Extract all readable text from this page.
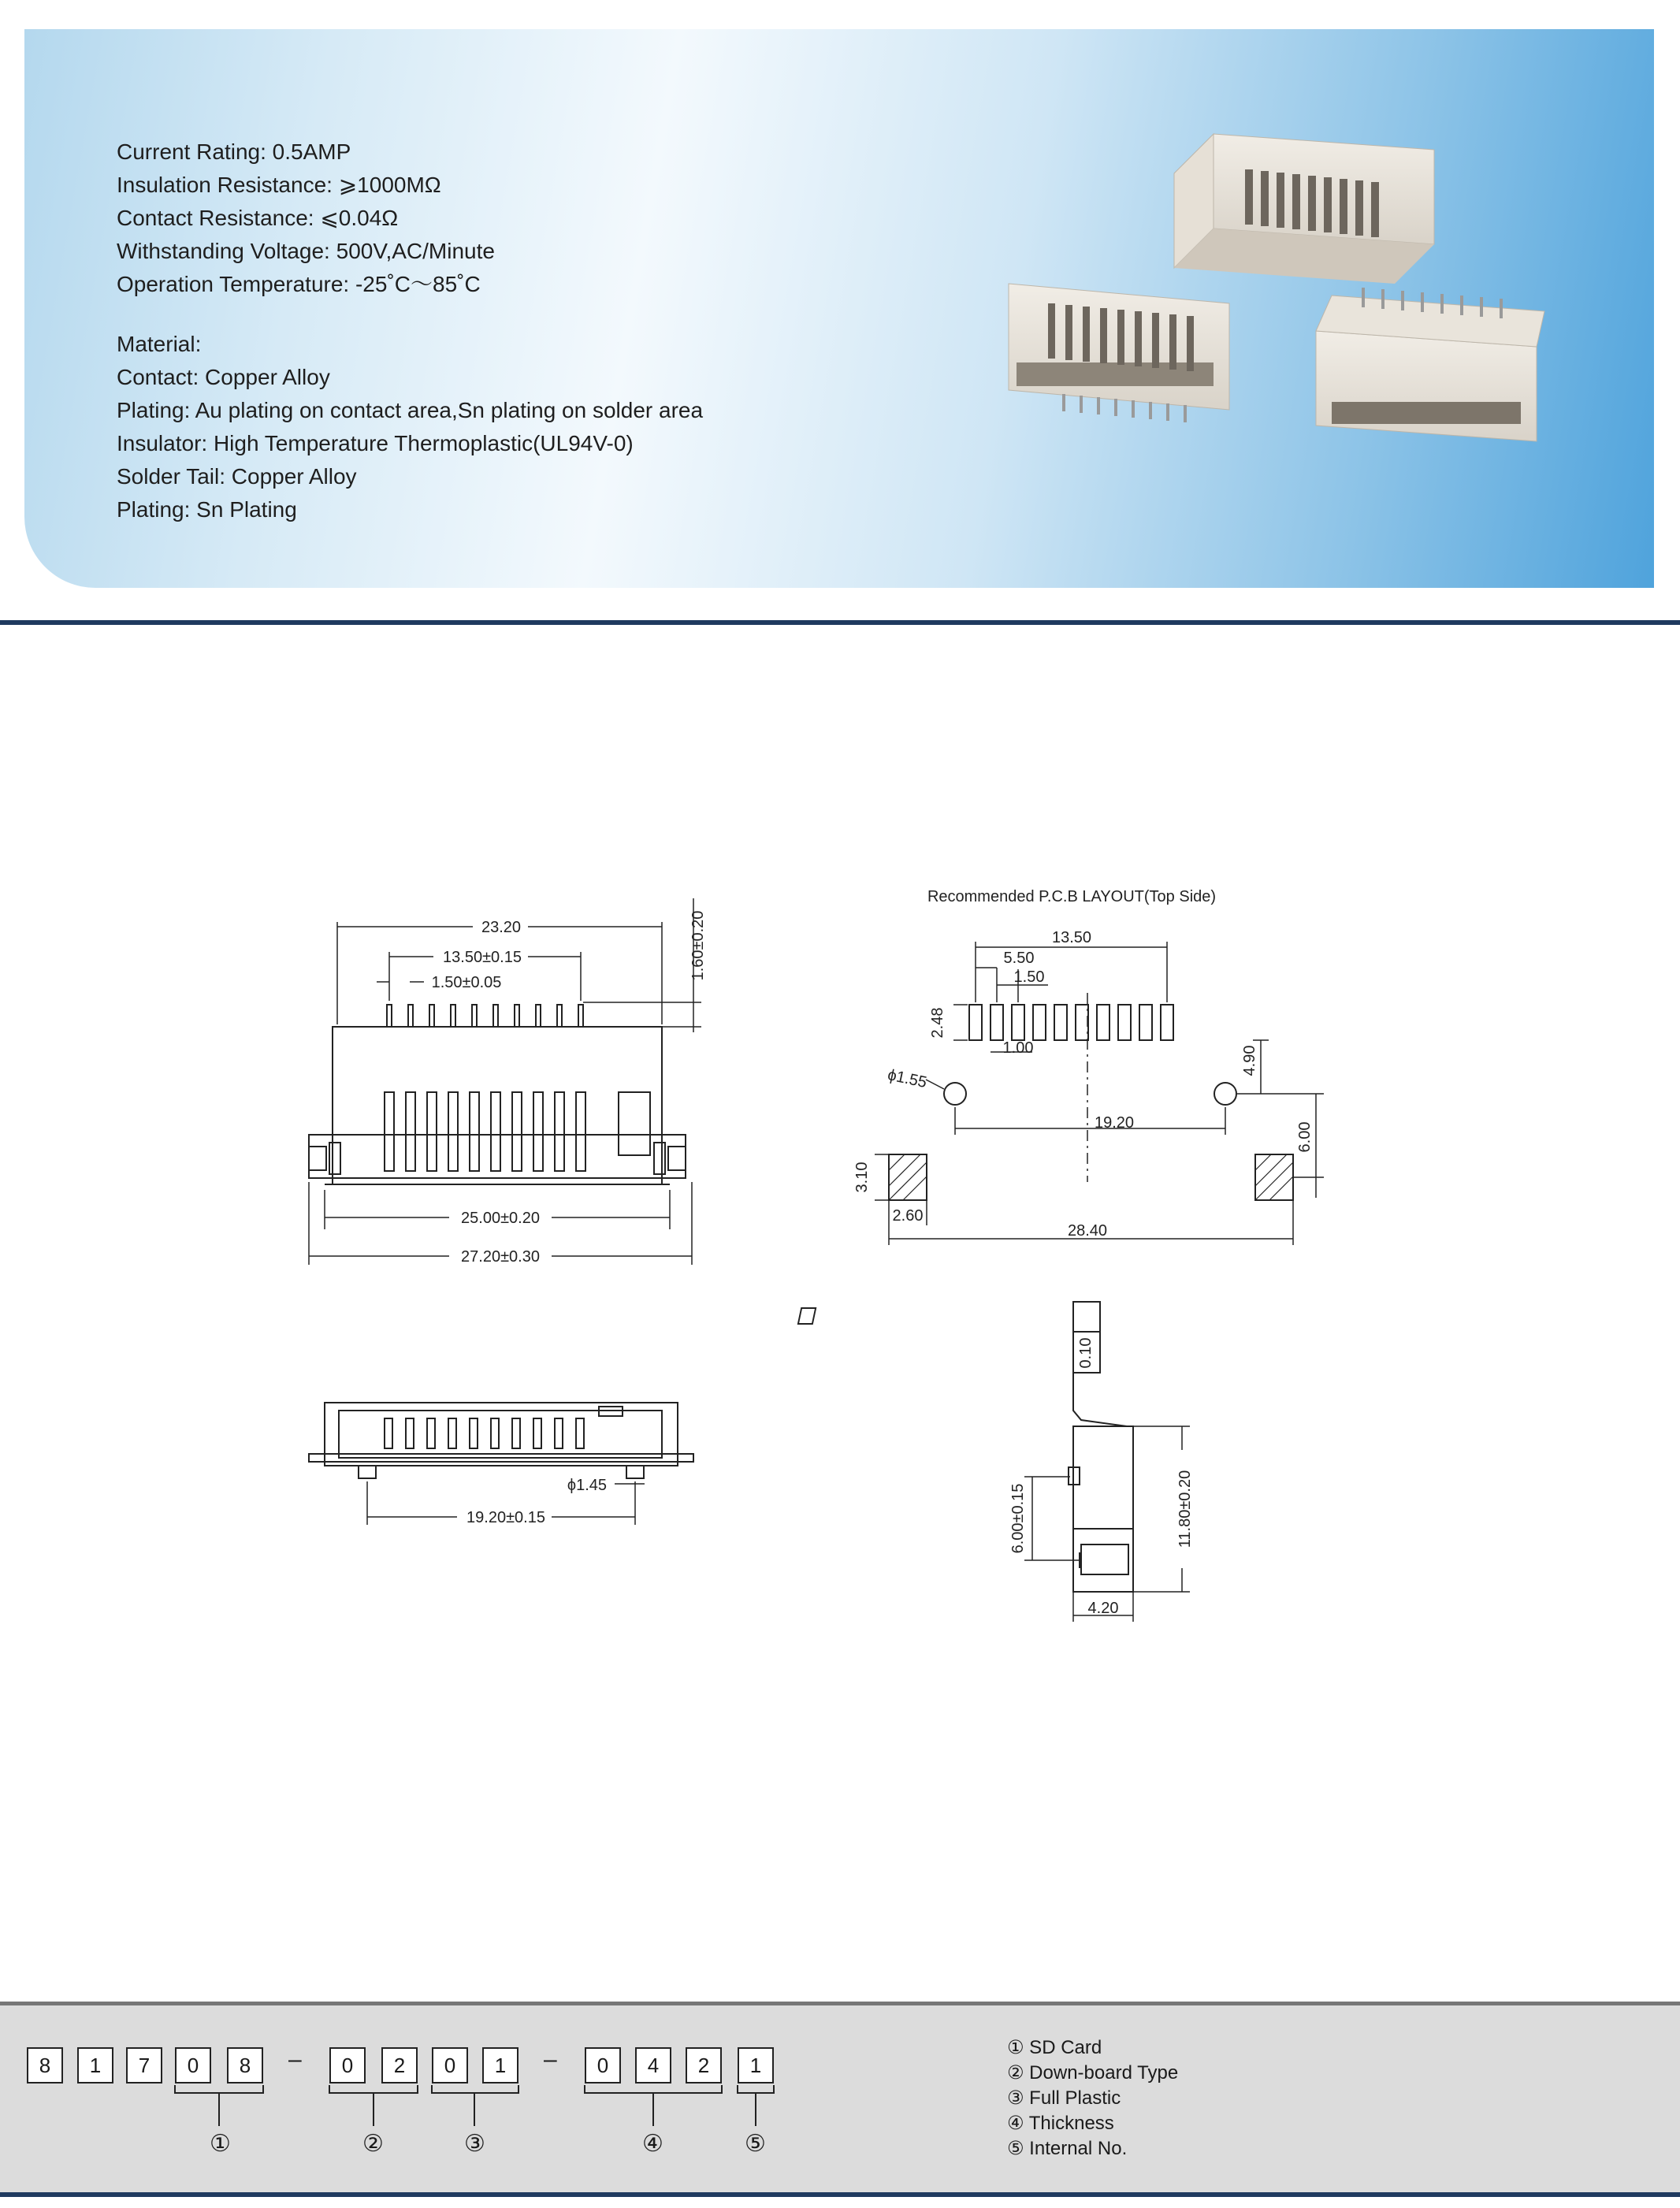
Current Rating: 0.5AMP
Insulation Resistance: ⩾1000MΩ
Contact Resistance: ⩽0.04Ω
Withstanding Voltage: 500V,AC/Minute
Operation Temperature: -25˚C～85˚C
Material:
Contact: Copper Alloy
Plating: Au plating on contact area,Sn plating on solder area
Insulator: High Temperature Thermoplastic(UL94V-0)
Solder Tail: Copper Alloy
Plating: Sn Plating
23.20
13.50±0.15
1.50±0.05
1.60±0.20
25.00±0.20
27.20±0.30
ϕ1.45
19.20±0.15
Recommended P.C.B LAYOUT(Top Side)
13.50
5.50
1.50
2.48
1.00
ϕ1.55
19.20
4.90
6.00
3.10
2.60
28.40
0.10
6.00±0.15	11.80±0.20
4.20
8	1	7	0	8	–	0	2	0	1	–	0	4	2	1
①	②	③	④	⑤
① SD Card
② Down-board Type
③ Full Plastic
④ Thickness
⑤ Internal No.
